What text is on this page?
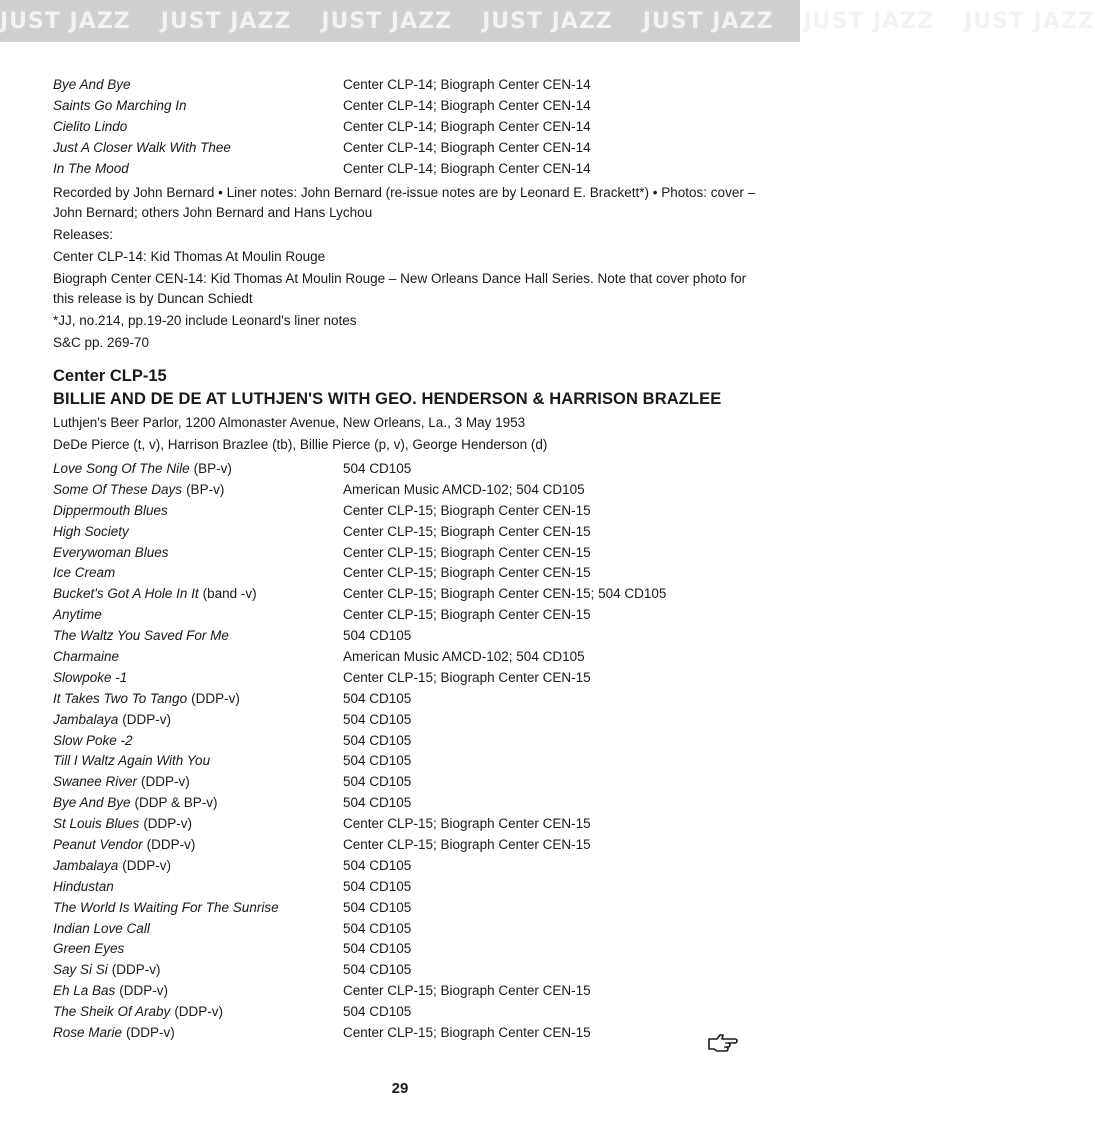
JUST JAZZ JUST JAZZ JUST JAZZ JUST JAZZ JUST JAZZ JUST JAZZ JUST JAZZ
Bye And Bye	Center CLP-14; Biograph Center CEN-14
Saints Go Marching In	Center CLP-14; Biograph Center CEN-14
Cielito Lindo	Center CLP-14; Biograph Center CEN-14
Just A Closer Walk With Thee	Center CLP-14; Biograph Center CEN-14
In The Mood	Center CLP-14; Biograph Center CEN-14
Recorded by John Bernard • Liner notes: John Bernard (re-issue notes are by Leonard E. Brackett*) • Photos: cover – John Bernard; others John Bernard and Hans Lychou
Releases:
Center CLP-14: Kid Thomas At Moulin Rouge
Biograph Center CEN-14: Kid Thomas At Moulin Rouge – New Orleans Dance Hall Series. Note that cover photo for this release is by Duncan Schiedt
*JJ, no.214, pp.19-20 include Leonard's liner notes
S&C pp. 269-70
Center CLP-15
BILLIE AND DE DE AT LUTHJEN'S WITH GEO. HENDERSON & HARRISON BRAZLEE
Luthjen's Beer Parlor, 1200 Almonaster Avenue, New Orleans, La., 3 May 1953
DeDe Pierce (t, v), Harrison Brazlee (tb), Billie Pierce (p, v), George Henderson (d)
Love Song Of The Nile (BP-v)	504 CD105
Some Of These Days (BP-v)	American Music AMCD-102; 504 CD105
Dippermouth Blues	Center CLP-15; Biograph Center CEN-15
High Society	Center CLP-15; Biograph Center CEN-15
Everywoman Blues	Center CLP-15; Biograph Center CEN-15
Ice Cream	Center CLP-15; Biograph Center CEN-15
Bucket's Got A Hole In It (band -v)	Center CLP-15; Biograph Center CEN-15; 504 CD105
Anytime	Center CLP-15; Biograph Center CEN-15
The Waltz You Saved For Me	504 CD105
Charmaine	American Music AMCD-102; 504 CD105
Slowpoke -1	Center CLP-15; Biograph Center CEN-15
It Takes Two To Tango (DDP-v)	504 CD105
Jambalaya (DDP-v)	504 CD105
Slow Poke -2	504 CD105
Till I Waltz Again With You	504 CD105
Swanee River (DDP-v)	504 CD105
Bye And Bye (DDP & BP-v)	504 CD105
St Louis Blues (DDP-v)	Center CLP-15; Biograph Center CEN-15
Peanut Vendor (DDP-v)	Center CLP-15; Biograph Center CEN-15
Jambalaya (DDP-v)	504 CD105
Hindustan	504 CD105
The World Is Waiting For The Sunrise	504 CD105
Indian Love Call	504 CD105
Green Eyes	504 CD105
Say Si Si (DDP-v)	504 CD105
Eh La Bas (DDP-v)	Center CLP-15; Biograph Center CEN-15
The Sheik Of Araby (DDP-v)	504 CD105
Rose Marie (DDP-v)	Center CLP-15; Biograph Center CEN-15
29
